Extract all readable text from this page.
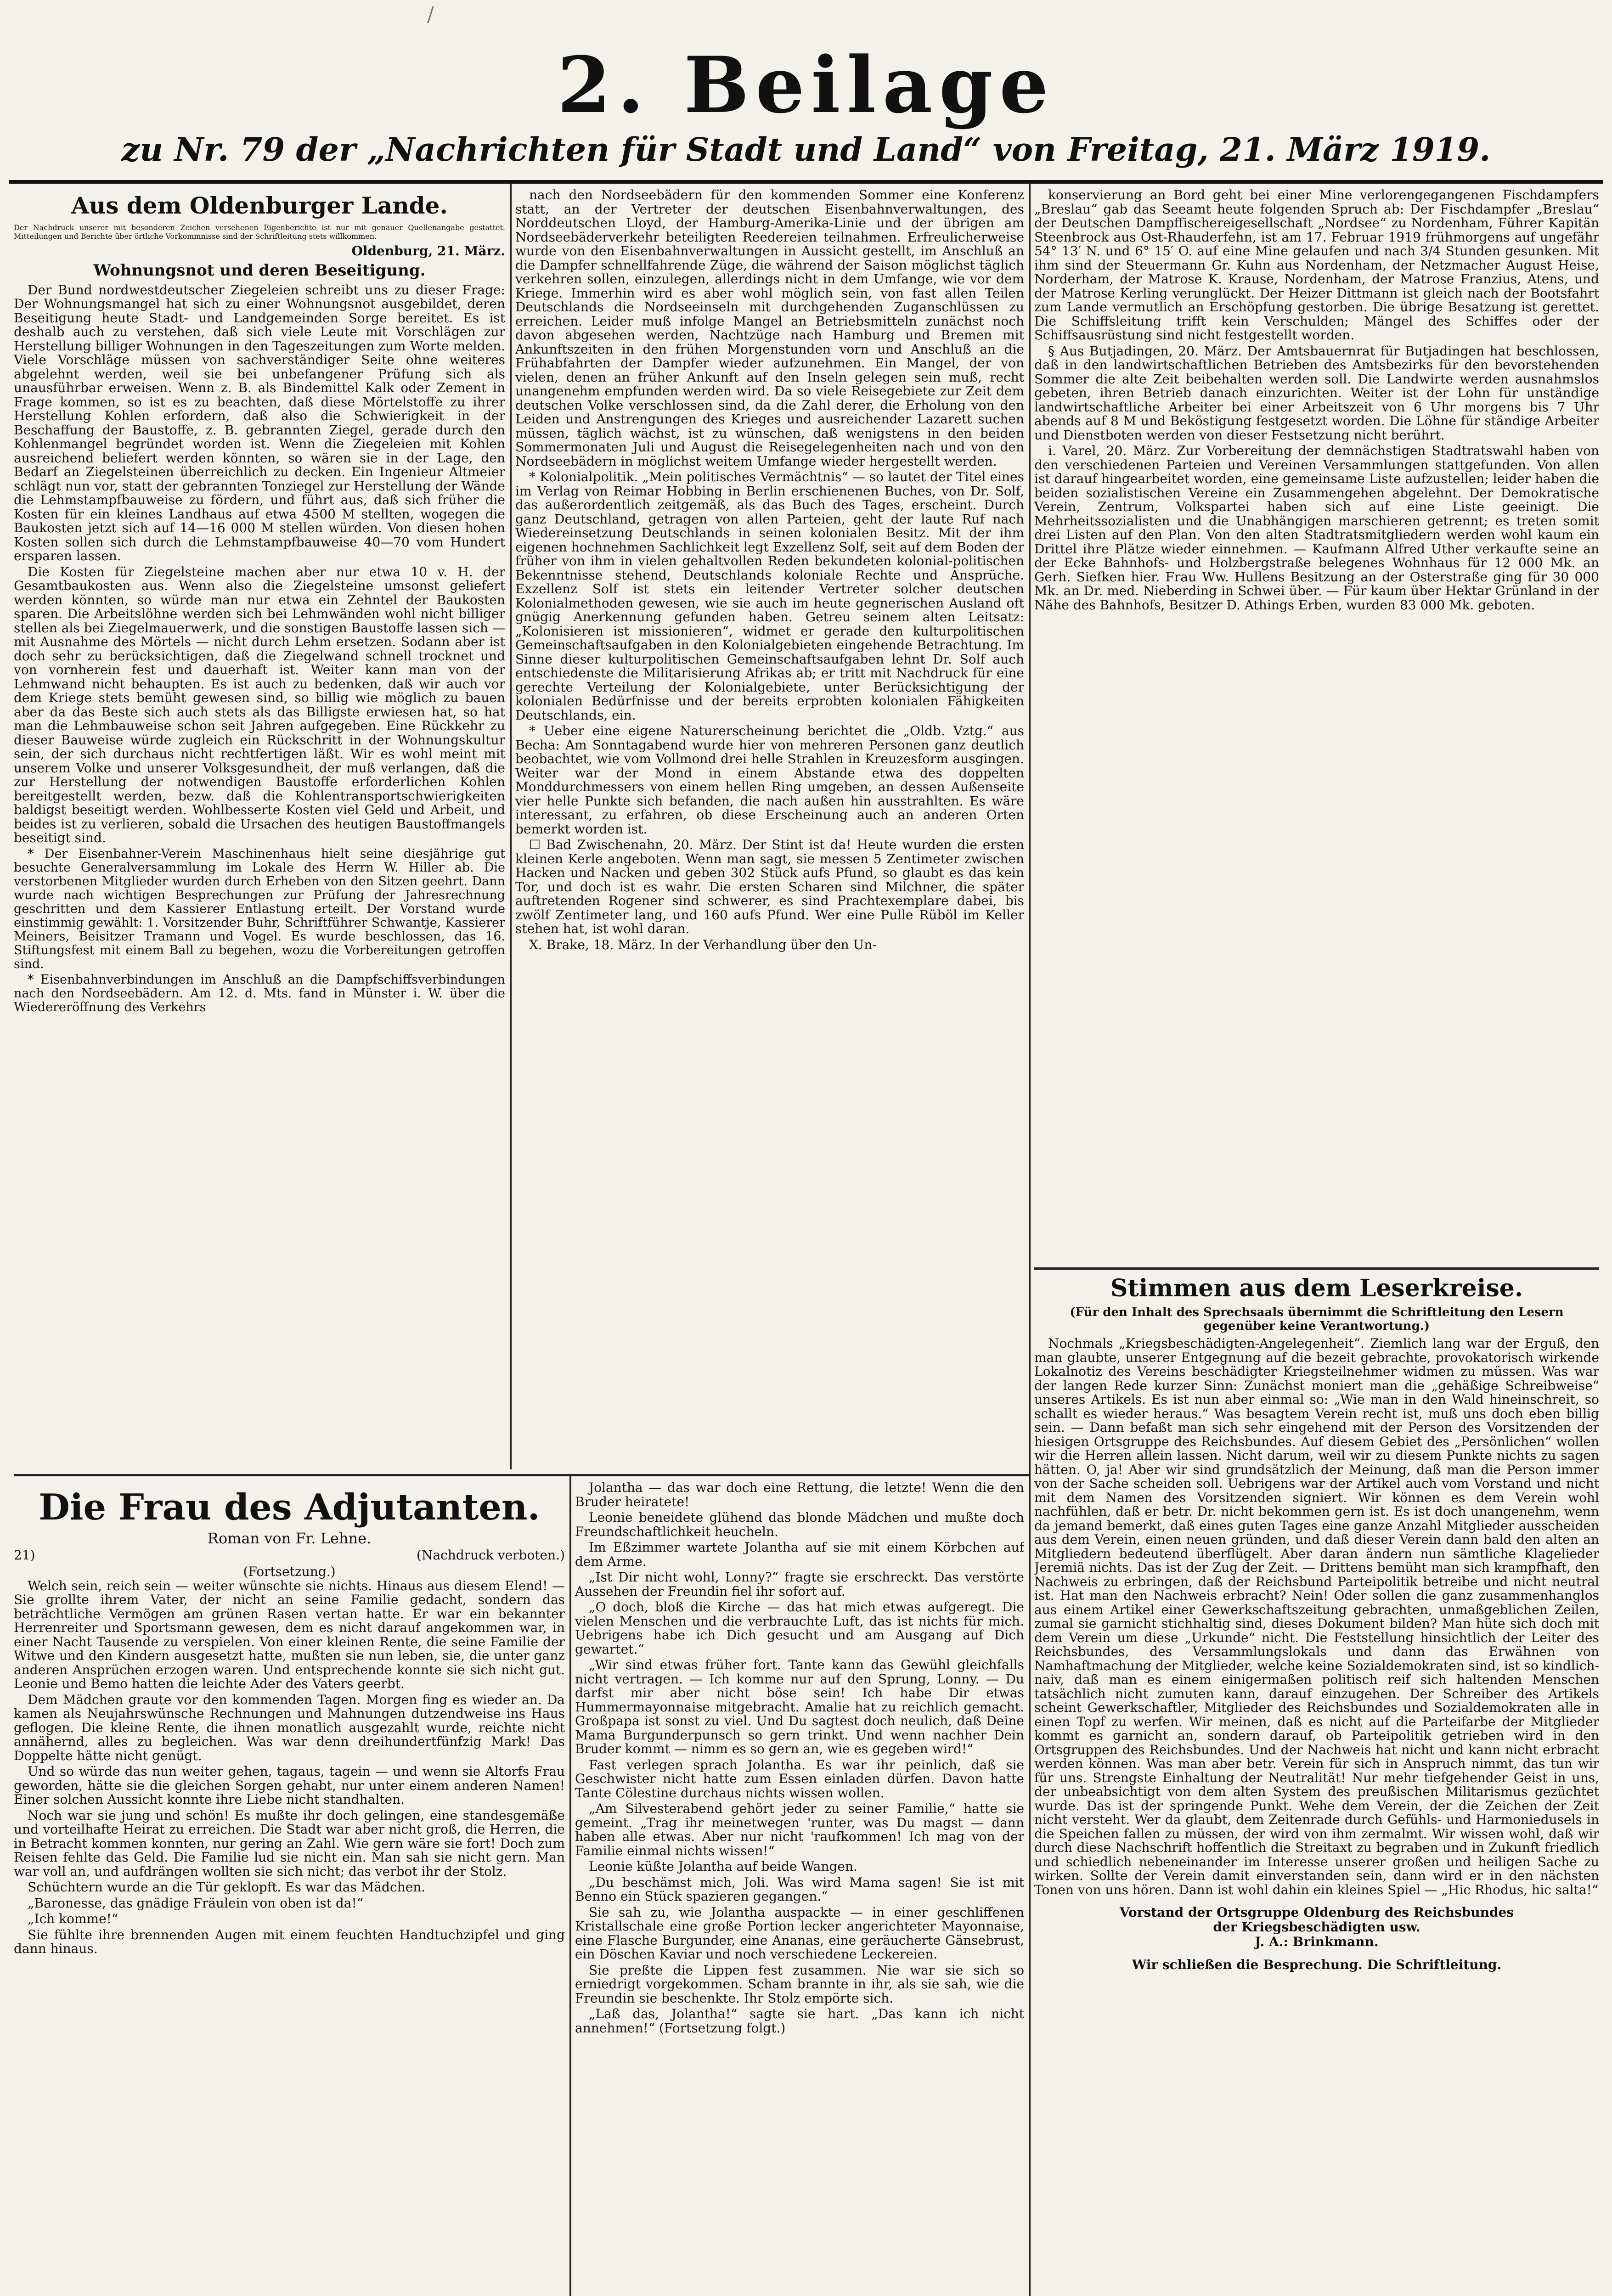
/
2. Beilage
zu Nr. 79 der „Nachrichten für Stadt und Land“ von Freitag, 21. März 1919.
Aus dem Oldenburger Lande.
Der Nachdruck unserer mit besonderen Zeichen versehenen Eigenberichte ist nur mit genauer Quellenangabe gestattet. Mitteilungen und Berichte über örtliche Vorkommnisse sind der Schriftleitung stets willkommen.
Oldenburg, 21. März.
Wohnungsnot und deren Beseitigung.

Der Bund nordwestdeutscher Ziegeleien schreibt uns zu dieser Frage: Der Wohnungsmangel hat sich zu einer Wohnungsnot ausgebildet, deren Beseitigung heute Stadt- und Landgemeinden Sorge bereitet. Es ist deshalb auch zu verstehen, daß sich viele Leute mit Vorschlägen zur Herstellung billiger Wohnungen in den Tageszeitungen zum Worte melden. Viele Vorschläge müssen von sachverständiger Seite ohne weiteres abgelehnt werden, weil sie bei unbefangener Prüfung sich als unausführbar erweisen. Wenn z. B. als Bindemittel Kalk oder Zement in Frage kommen, so ist es zu beachten, daß diese Mörtelstoffe zu ihrer Herstellung Kohlen erfordern, daß also die Schwierigkeit in der Beschaffung der Baustoffe, z. B. gebrannten Ziegel, gerade durch den Kohlenmangel begründet worden ist. Wenn die Ziegeleien mit Kohlen ausreichend beliefert werden könnten, so wären sie in der Lage, den Bedarf an Ziegelsteinen überreichlich zu decken. Ein Ingenieur Altmeier schlägt nun vor, statt der gebrannten Tonziegel zur Herstellung der Wände die Lehmstampfbauweise zu fördern, und führt aus, daß sich früher die Kosten für ein kleines Landhaus auf etwa 4500 M stellten, wogegen die Baukosten jetzt sich auf 14—16 000 M stellen würden. Von diesen hohen Kosten sollen sich durch die Lehmstampfbauweise 40—70 vom Hundert ersparen lassen.

Die Kosten für Ziegelsteine machen aber nur etwa 10 v. H. der Gesamtbaukosten aus. Wenn also die Ziegelsteine umsonst geliefert werden könnten, so würde man nur etwa ein Zehntel der Baukosten sparen. Die Arbeitslöhne werden sich bei Lehmwänden wohl nicht billiger stellen als bei Ziegelmauerwerk, und die sonstigen Baustoffe lassen sich — mit Ausnahme des Mörtels — nicht durch Lehm ersetzen. Sodann aber ist doch sehr zu berücksichtigen, daß die Ziegelwand schnell trocknet und von vornherein fest und dauerhaft ist. Weiter kann man von der Lehmwand nicht behaupten. Es ist auch zu bedenken, daß wir auch vor dem Kriege stets bemüht gewesen sind, so billig wie möglich zu bauen aber da das Beste sich auch stets als das Billigste erwiesen hat, so hat man die Lehmbauweise schon seit Jahren aufgegeben. Eine Rückkehr zu dieser Bauweise würde zugleich ein Rückschritt in der Wohnungskultur sein, der sich durchaus nicht rechtfertigen läßt. Wir es wohl meint mit unserem Volke und unserer Volksgesundheit, der muß verlangen, daß die zur Herstellung der notwendigen Baustoffe erforderlichen Kohlen bereitgestellt werden, bezw. daß die Kohlentransportschwierigkeiten baldigst beseitigt werden. Wohlbesserte Kosten viel Geld und Arbeit, und beides ist zu verlieren, sobald die Ursachen des heutigen Baustoffmangels beseitigt sind.

* Der Eisenbahner-Verein Maschinenhaus hielt seine diesjährige gut besuchte Generalversammlung im Lokale des Herrn W. Hiller ab. Die verstorbenen Mitglieder wurden durch Erheben von den Sitzen geehrt. Dann wurde nach wichtigen Besprechungen zur Prüfung der Jahresrechnung geschritten und dem Kassierer Entlastung erteilt. Der Vorstand wurde einstimmig gewählt: 1. Vorsitzender Buhr, Schriftführer Schwantje, Kassierer Meiners, Beisitzer Tramann und Vogel. Es wurde beschlossen, das 16. Stiftungsfest mit einem Ball zu begehen, wozu die Vorbereitungen getroffen sind.

* Eisenbahnverbindungen im Anschluß an die Dampfschiffsverbindungen nach den Nordseebädern. Am 12. d. Mts. fand in Münster i. W. über die Wiedereröffnung des Verkehrs

nach den Nordseebädern für den kommenden Sommer eine Konferenz statt, an der Vertreter der deutschen Eisenbahnverwaltungen, des Norddeutschen Lloyd, der Hamburg-Amerika-Linie und der übrigen am Nordseebäderverkehr beteiligten Reedereien teilnahmen. Erfreulicherweise wurde von den Eisenbahnverwaltungen in Aussicht gestellt, im Anschluß an die Dampfer schnellfahrende Züge, die während der Saison möglichst täglich verkehren sollen, einzulegen, allerdings nicht in dem Umfange, wie vor dem Kriege. Immerhin wird es aber wohl möglich sein, von fast allen Teilen Deutschlands die Nordseeinseln mit durchgehenden Zuganschlüssen zu erreichen. Leider muß infolge Mangel an Betriebsmitteln zunächst noch davon abgesehen werden, Nachtzüge nach Hamburg und Bremen mit Ankunftszeiten in den frühen Morgenstunden vorn und Anschluß an die Frühabfahrten der Dampfer wieder aufzunehmen. Ein Mangel, der von vielen, denen an früher Ankunft auf den Inseln gelegen sein muß, recht unangenehm empfunden werden wird. Da so viele Reisegebiete zur Zeit dem deutschen Volke verschlossen sind, da die Zahl derer, die Erholung von den Leiden und Anstrengungen des Krieges und ausreichender Lazarett suchen müssen, täglich wächst, ist zu wünschen, daß wenigstens in den beiden Sommermonaten Juli und August die Reisegelegenheiten nach und von den Nordseebädern in möglichst weitem Umfange wieder hergestellt werden.

* Kolonialpolitik. „Mein politisches Vermächtnis“ — so lautet der Titel eines im Verlag von Reimar Hobbing in Berlin erschienenen Buches, von Dr. Solf, das außerordentlich zeitgemäß, als das Buch des Tages, erscheint. Durch ganz Deutschland, getragen von allen Parteien, geht der laute Ruf nach Wiedereinsetzung Deutschlands in seinen kolonialen Besitz. Mit der ihm eigenen hochnehmen Sachlichkeit legt Exzellenz Solf, seit auf dem Boden der früher von ihm in vielen gehaltvollen Reden bekundeten kolonial-politischen Bekenntnisse stehend, Deutschlands koloniale Rechte und Ansprüche. Exzellenz Solf ist stets ein leitender Vertreter solcher deutschen Kolonialmethoden gewesen, wie sie auch im heute gegnerischen Ausland oft gnügig Anerkennung gefunden haben. Getreu seinem alten Leitsatz: „Kolonisieren ist missionieren“, widmet er gerade den kulturpolitischen Gemeinschaftsaufgaben in den Kolonialgebieten eingehende Betrachtung. Im Sinne dieser kulturpolitischen Gemeinschaftsaufgaben lehnt Dr. Solf auch entschiedenste die Militarisierung Afrikas ab; er tritt mit Nachdruck für eine gerechte Verteilung der Kolonialgebiete, unter Berücksichtigung der kolonialen Bedürfnisse und der bereits erprobten kolonialen Fähigkeiten Deutschlands, ein.

* Ueber eine eigene Naturerscheinung berichtet die „Oldb. Vztg.“ aus Becha: Am Sonntagabend wurde hier von mehreren Personen ganz deutlich beobachtet, wie vom Vollmond drei helle Strahlen in Kreuzesform ausgingen. Weiter war der Mond in einem Abstande etwa des doppelten Monddurchmessers von einem hellen Ring umgeben, an dessen Außenseite vier helle Punkte sich befanden, die nach außen hin ausstrahlten. Es wäre interessant, zu erfahren, ob diese Erscheinung auch an anderen Orten bemerkt worden ist.

☐ Bad Zwischenahn, 20. März. Der Stint ist da! Heute wurden die ersten kleinen Kerle angeboten. Wenn man sagt, sie messen 5 Zentimeter zwischen Hacken und Nacken und geben 302 Stück aufs Pfund, so glaubt es das kein Tor, und doch ist es wahr. Die ersten Scharen sind Milchner, die später auftretenden Rogener sind schwerer, es sind Prachtexemplare dabei, bis zwölf Zentimeter lang, und 160 aufs Pfund. Wer eine Pulle Rüböl im Keller stehen hat, ist wohl daran.

X. Brake, 18. März. In der Verhandlung über den Un-

konservierung an Bord geht bei einer Mine verlorengegangenen Fischdampfers „Breslau“ gab das Seeamt heute folgenden Spruch ab: Der Fischdampfer „Breslau“ der Deutschen Dampffischereigesellschaft „Nordsee“ zu Nordenham, Führer Kapitän Steenbrock aus Ost-Rhauderfehn, ist am 17. Februar 1919 frühmorgens auf ungefähr 54° 13′ N. und 6° 15′ O. auf eine Mine gelaufen und nach 3/4 Stunden gesunken. Mit ihm sind der Steuermann Gr. Kuhn aus Nordenham, der Netzmacher August Heise, Norderham, der Matrose K. Krause, Nordenham, der Matrose Franzius, Atens, und der Matrose Kerling verunglückt. Der Heizer Dittmann ist gleich nach der Bootsfahrt zum Lande vermutlich an Erschöpfung gestorben. Die übrige Besatzung ist gerettet. Die Schiffsleitung trifft kein Verschulden; Mängel des Schiffes oder der Schiffsausrüstung sind nicht festgestellt worden.

§ Aus Butjadingen, 20. März. Der Amtsbauernrat für Butjadingen hat beschlossen, daß in den landwirtschaftlichen Betrieben des Amtsbezirks für den bevorstehenden Sommer die alte Zeit beibehalten werden soll. Die Landwirte werden ausnahmslos gebeten, ihren Betrieb danach einzurichten. Weiter ist der Lohn für unständige landwirtschaftliche Arbeiter bei einer Arbeitszeit von 6 Uhr morgens bis 7 Uhr abends auf 8 M und Beköstigung festgesetzt worden. Die Löhne für ständige Arbeiter und Dienstboten werden von dieser Festsetzung nicht berührt.

i. Varel, 20. März. Zur Vorbereitung der demnächstigen Stadtratswahl haben von den verschiedenen Parteien und Vereinen Versammlungen stattgefunden. Von allen ist darauf hingearbeitet worden, eine gemeinsame Liste aufzustellen; leider haben die beiden sozialistischen Vereine ein Zusammengehen abgelehnt. Der Demokratische Verein, Zentrum, Volkspartei haben sich auf eine Liste geeinigt. Die Mehrheitssozialisten und die Unabhängigen marschieren getrennt; es treten somit drei Listen auf den Plan. Von den alten Stadtratsmitgliedern werden wohl kaum ein Drittel ihre Plätze wieder einnehmen. — Kaufmann Alfred Uther verkaufte seine an der Ecke Bahnhofs- und Holzbergstraße belegenes Wohnhaus für 12 000 Mk. an Gerh. Siefken hier. Frau Ww. Hullens Besitzung an der Osterstraße ging für 30 000 Mk. an Dr. med. Nieberding in Schwei über. — Für kaum über Hektar Grünland in der Nähe des Bahnhofs, Besitzer D. Athings Erben, wurden 83 000 Mk. geboten.

Stimmen aus dem Leserkreise.
(Für den Inhalt des Sprechsaals übernimmt die Schriftleitung den Lesern gegenüber keine Verantwortung.)

Nochmals „Kriegsbeschädigten-Angelegenheit“. Ziemlich lang war der Erguß, den man glaubte, unserer Entgegnung auf die bezeit gebrachte, provokatorisch wirkende Lokalnotiz des Vereins beschädigter Kriegsteilnehmer widmen zu müssen. Was war der langen Rede kurzer Sinn: Zunächst moniert man die „gehäßige Schreibweise“ unseres Artikels. Es ist nun aber einmal so: „Wie man in den Wald hineinschreit, so schallt es wieder heraus.“ Was besagtem Verein recht ist, muß uns doch eben billig sein. — Dann befaßt man sich sehr eingehend mit der Person des Vorsitzenden der hiesigen Ortsgruppe des Reichsbundes. Auf diesem Gebiet des „Persönlichen“ wollen wir die Herren allein lassen. Nicht darum, weil wir zu diesem Punkte nichts zu sagen hätten. O, ja! Aber wir sind grundsätzlich der Meinung, daß man die Person immer von der Sache scheiden soll. Uebrigens war der Artikel auch vom Vorstand und nicht mit dem Namen des Vorsitzenden signiert. Wir können es dem Verein wohl nachfühlen, daß er betr. Dr. nicht bekommen gern ist. Es ist doch unangenehm, wenn da jemand bemerkt, daß eines guten Tages eine ganze Anzahl Mitglieder ausscheiden aus dem Verein, einen neuen gründen, und daß dieser Verein dann bald den alten an Mitgliedern bedeutend überflügelt. Aber daran ändern nun sämtliche Klagelieder Jeremiä nichts. Das ist der Zug der Zeit. — Drittens bemüht man sich krampfhaft, den Nachweis zu erbringen, daß der Reichsbund Parteipolitik betreibe und nicht neutral ist. Hat man den Nachweis erbracht? Nein! Oder sollen die ganz zusammenhanglos aus einem Artikel einer Gewerkschaftszeitung gebrachten, unmaßgeblichen Zeilen, zumal sie garnicht stichhaltig sind, dieses Dokument bilden? Man hüte sich doch mit dem Verein um diese „Urkunde“ nicht. Die Feststellung hinsichtlich der Leiter des Reichsbundes, des Versammlungslokals und dann das Erwähnen von Namhaftmachung der Mitglieder, welche keine Sozialdemokraten sind, ist so kindlich-naiv, daß man es einem einigermaßen politisch reif sich haltenden Menschen tatsächlich nicht zumuten kann, darauf einzugehen. Der Schreiber des Artikels scheint Gewerkschaftler, Mitglieder des Reichsbundes und Sozialdemokraten alle in einen Topf zu werfen. Wir meinen, daß es nicht auf die Parteifarbe der Mitglieder kommt es garnicht an, sondern darauf, ob Parteipolitik getrieben wird in den Ortsgruppen des Reichsbundes. Und der Nachweis hat nicht und kann nicht erbracht werden können. Was man aber betr. Verein für sich in Anspruch nimmt, das tun wir für uns. Strengste Einhaltung der Neutralität! Nur mehr tiefgehender Geist in uns, der unbeabsichtigt von dem alten System des preußischen Militarismus gezüchtet wurde. Das ist der springende Punkt. Wehe dem Verein, der die Zeichen der Zeit nicht versteht. Wer da glaubt, dem Zeitenrade durch Gefühls- und Harmoniedusels in die Speichen fallen zu müssen, der wird von ihm zermalmt. Wir wissen wohl, daß wir durch diese Nachschrift hoffentlich die Streitaxt zu begraben und in Zukunft friedlich und schiedlich nebeneinander im Interesse unserer großen und heiligen Sache zu wirken. Sollte der Verein damit einverstanden sein, dann wird er in den nächsten Tonen von uns hören. Dann ist wohl dahin ein kleines Spiel — „Hic Rhodus, hic salta!“

Vorstand der Ortsgruppe Oldenburg des Reichsbundes
der Kriegsbeschädigten usw.
J. A.: Brinkmann.
Wir schließen die Besprechung. Die Schriftleitung.
Die Frau des Adjutanten.
Roman von Fr. Lehne.
21)	(Nachdruck verboten.)
(Fortsetzung.)

Welch sein, reich sein — weiter wünschte sie nichts. Hinaus aus diesem Elend! — Sie grollte ihrem Vater, der nicht an seine Familie gedacht, sondern das beträchtliche Vermögen am grünen Rasen vertan hatte. Er war ein bekannter Herrenreiter und Sportsmann gewesen, dem es nicht darauf angekommen war, in einer Nacht Tausende zu verspielen. Von einer kleinen Rente, die seine Familie der Witwe und den Kindern ausgesetzt hatte, mußten sie nun leben, sie, die unter ganz anderen Ansprüchen erzogen waren. Und entsprechende konnte sie sich nicht gut. Leonie und Bemo hatten die leichte Ader des Vaters geerbt.

Dem Mädchen graute vor den kommenden Tagen. Morgen fing es wieder an. Da kamen als Neujahrswünsche Rechnungen und Mahnungen dutzendweise ins Haus geflogen. Die kleine Rente, die ihnen monatlich ausgezahlt wurde, reichte nicht annähernd, alles zu begleichen. Was war denn dreihundertfünfzig Mark! Das Doppelte hätte nicht genügt.

Und so würde das nun weiter gehen, tagaus, tagein — und wenn sie Altorfs Frau geworden, hätte sie die gleichen Sorgen gehabt, nur unter einem anderen Namen! Einer solchen Aussicht konnte ihre Liebe nicht standhalten.

Noch war sie jung und schön! Es mußte ihr doch gelingen, eine standesgemäße und vorteilhafte Heirat zu erreichen. Die Stadt war aber nicht groß, die Herren, die in Betracht kommen konnten, nur gering an Zahl. Wie gern wäre sie fort! Doch zum Reisen fehlte das Geld. Die Familie lud sie nicht ein. Man sah sie nicht gern. Man war voll an, und aufdrängen wollten sie sich nicht; das verbot ihr der Stolz.

Schüchtern wurde an die Tür geklopft. Es war das Mädchen.

„Baronesse, das gnädige Fräulein von oben ist da!“

„Ich komme!“

Sie fühlte ihre brennenden Augen mit einem feuchten Handtuchzipfel und ging dann hinaus.

Jolantha — das war doch eine Rettung, die letzte! Wenn die den Bruder heiratete!

Leonie beneidete glühend das blonde Mädchen und mußte doch Freundschaftlichkeit heucheln.

Im Eßzimmer wartete Jolantha auf sie mit einem Körbchen auf dem Arme.

„Ist Dir nicht wohl, Lonny?“ fragte sie erschreckt. Das verstörte Aussehen der Freundin fiel ihr sofort auf.

„O doch, bloß die Kirche — das hat mich etwas aufgeregt. Die vielen Menschen und die verbrauchte Luft, das ist nichts für mich. Uebrigens habe ich Dich gesucht und am Ausgang auf Dich gewartet.“

„Wir sind etwas früher fort. Tante kann das Gewühl gleichfalls nicht vertragen. — Ich komme nur auf den Sprung, Lonny. — Du darfst mir aber nicht böse sein! Ich habe Dir etwas Hummermayonnaise mitgebracht. Amalie hat zu reichlich gemacht. Großpapa ist sonst zu viel. Und Du sagtest doch neulich, daß Deine Mama Burgunderpunsch so gern trinkt. Und wenn nachher Dein Bruder kommt — nimm es so gern an, wie es gegeben wird!“

Fast verlegen sprach Jolantha. Es war ihr peinlich, daß sie Geschwister nicht hatte zum Essen einladen dürfen. Davon hatte Tante Cölestine durchaus nichts wissen wollen.

„Am Silvesterabend gehört jeder zu seiner Familie,“ hatte sie gemeint. „Trag ihr meinetwegen 'runter, was Du magst — dann haben alle etwas. Aber nur nicht 'raufkommen! Ich mag von der Familie einmal nichts wissen!“

Leonie küßte Jolantha auf beide Wangen.

„Du beschämst mich, Joli. Was wird Mama sagen! Sie ist mit Benno ein Stück spazieren gegangen.“

Sie sah zu, wie Jolantha auspackte — in einer geschliffenen Kristallschale eine große Portion lecker angerichteter Mayonnaise, eine Flasche Burgunder, eine Ananas, eine geräucherte Gänsebrust, ein Döschen Kaviar und noch verschiedene Leckereien.

Sie preßte die Lippen fest zusammen. Nie war sie sich so erniedrigt vorgekommen. Scham brannte in ihr, als sie sah, wie die Freundin sie beschenkte. Ihr Stolz empörte sich.

„Laß das, Jolantha!“ sagte sie hart. „Das kann ich nicht annehmen!“ (Fortsetzung folgt.)
